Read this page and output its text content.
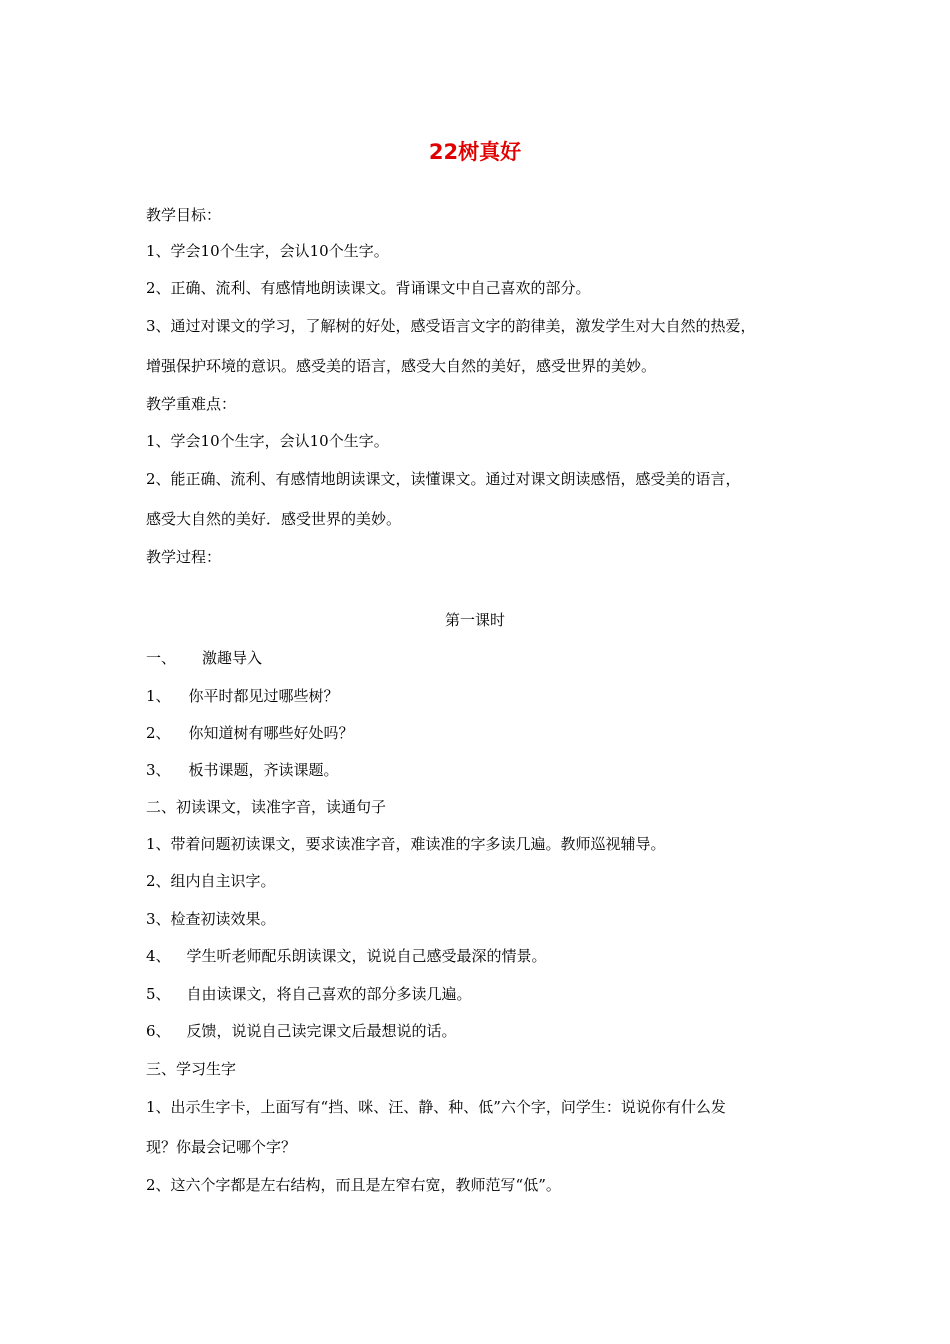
22树真好
教学目标：
1、学会10个生字，会认10个生字。
2、正确、流利、有感情地朗读课文。背诵课文中自己喜欢的部分。
3、通过对课文的学习，了解树的好处，感受语言文字的韵律美，激发学生对大自然的热爱，
增强保护环境的意识。感受美的语言，感受大自然的美好，感受世界的美妙。
教学重难点：
1、学会10个生字，会认10个生字。
2、能正确、流利、有感情地朗读课文，读懂课文。通过对课文朗读感悟，感受美的语言，
感受大自然的美好．感受世界的美妙。
教学过程：
第一课时
一、 激趣导入
1、 你平时都见过哪些树？
2、 你知道树有哪些好处吗？
3、 板书课题，齐读课题。
二、初读课文，读准字音，读通句子
1、带着问题初读课文，要求读准字音，难读准的字多读几遍。教师巡视辅导。
2、组内自主识字。
3、检查初读效果。
4、 学生听老师配乐朗读课文，说说自己感受最深的情景。
5、 自由读课文，将自己喜欢的部分多读几遍。
6、 反馈，说说自己读完课文后最想说的话。
三、学习生字
1、出示生字卡，上面写有“挡、咪、汪、静、种、低”六个字，问学生：说说你有什么发
现？你最会记哪个字？
2、这六个字都是左右结构，而且是左窄右宽，教师范写“低”。
